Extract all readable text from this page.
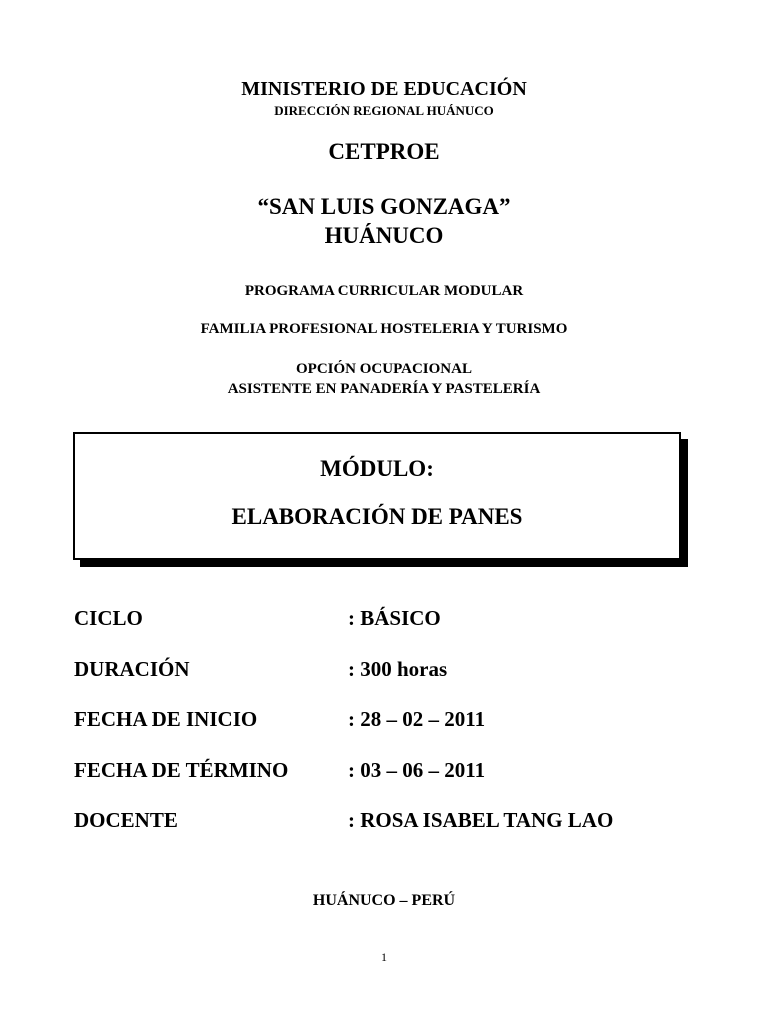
MINISTERIO DE EDUCACIÓN
DIRECCIÓN REGIONAL HUÁNUCO
CETPROE
“SAN LUIS GONZAGA”
HUÁNUCO
PROGRAMA CURRICULAR MODULAR
FAMILIA PROFESIONAL HOSTELERIA Y TURISMO
OPCIÓN OCUPACIONAL
ASISTENTE EN PANADERÍA Y PASTELERÍA
MÓDULO:
ELABORACIÓN DE PANES
CICLO	: BÁSICO
DURACIÓN	: 300 horas
FECHA DE INICIO	: 28 – 02 – 2011
FECHA DE TÉRMINO	: 03 – 06 – 2011
DOCENTE	: ROSA ISABEL TANG LAO
HUÁNUCO – PERÚ
1
